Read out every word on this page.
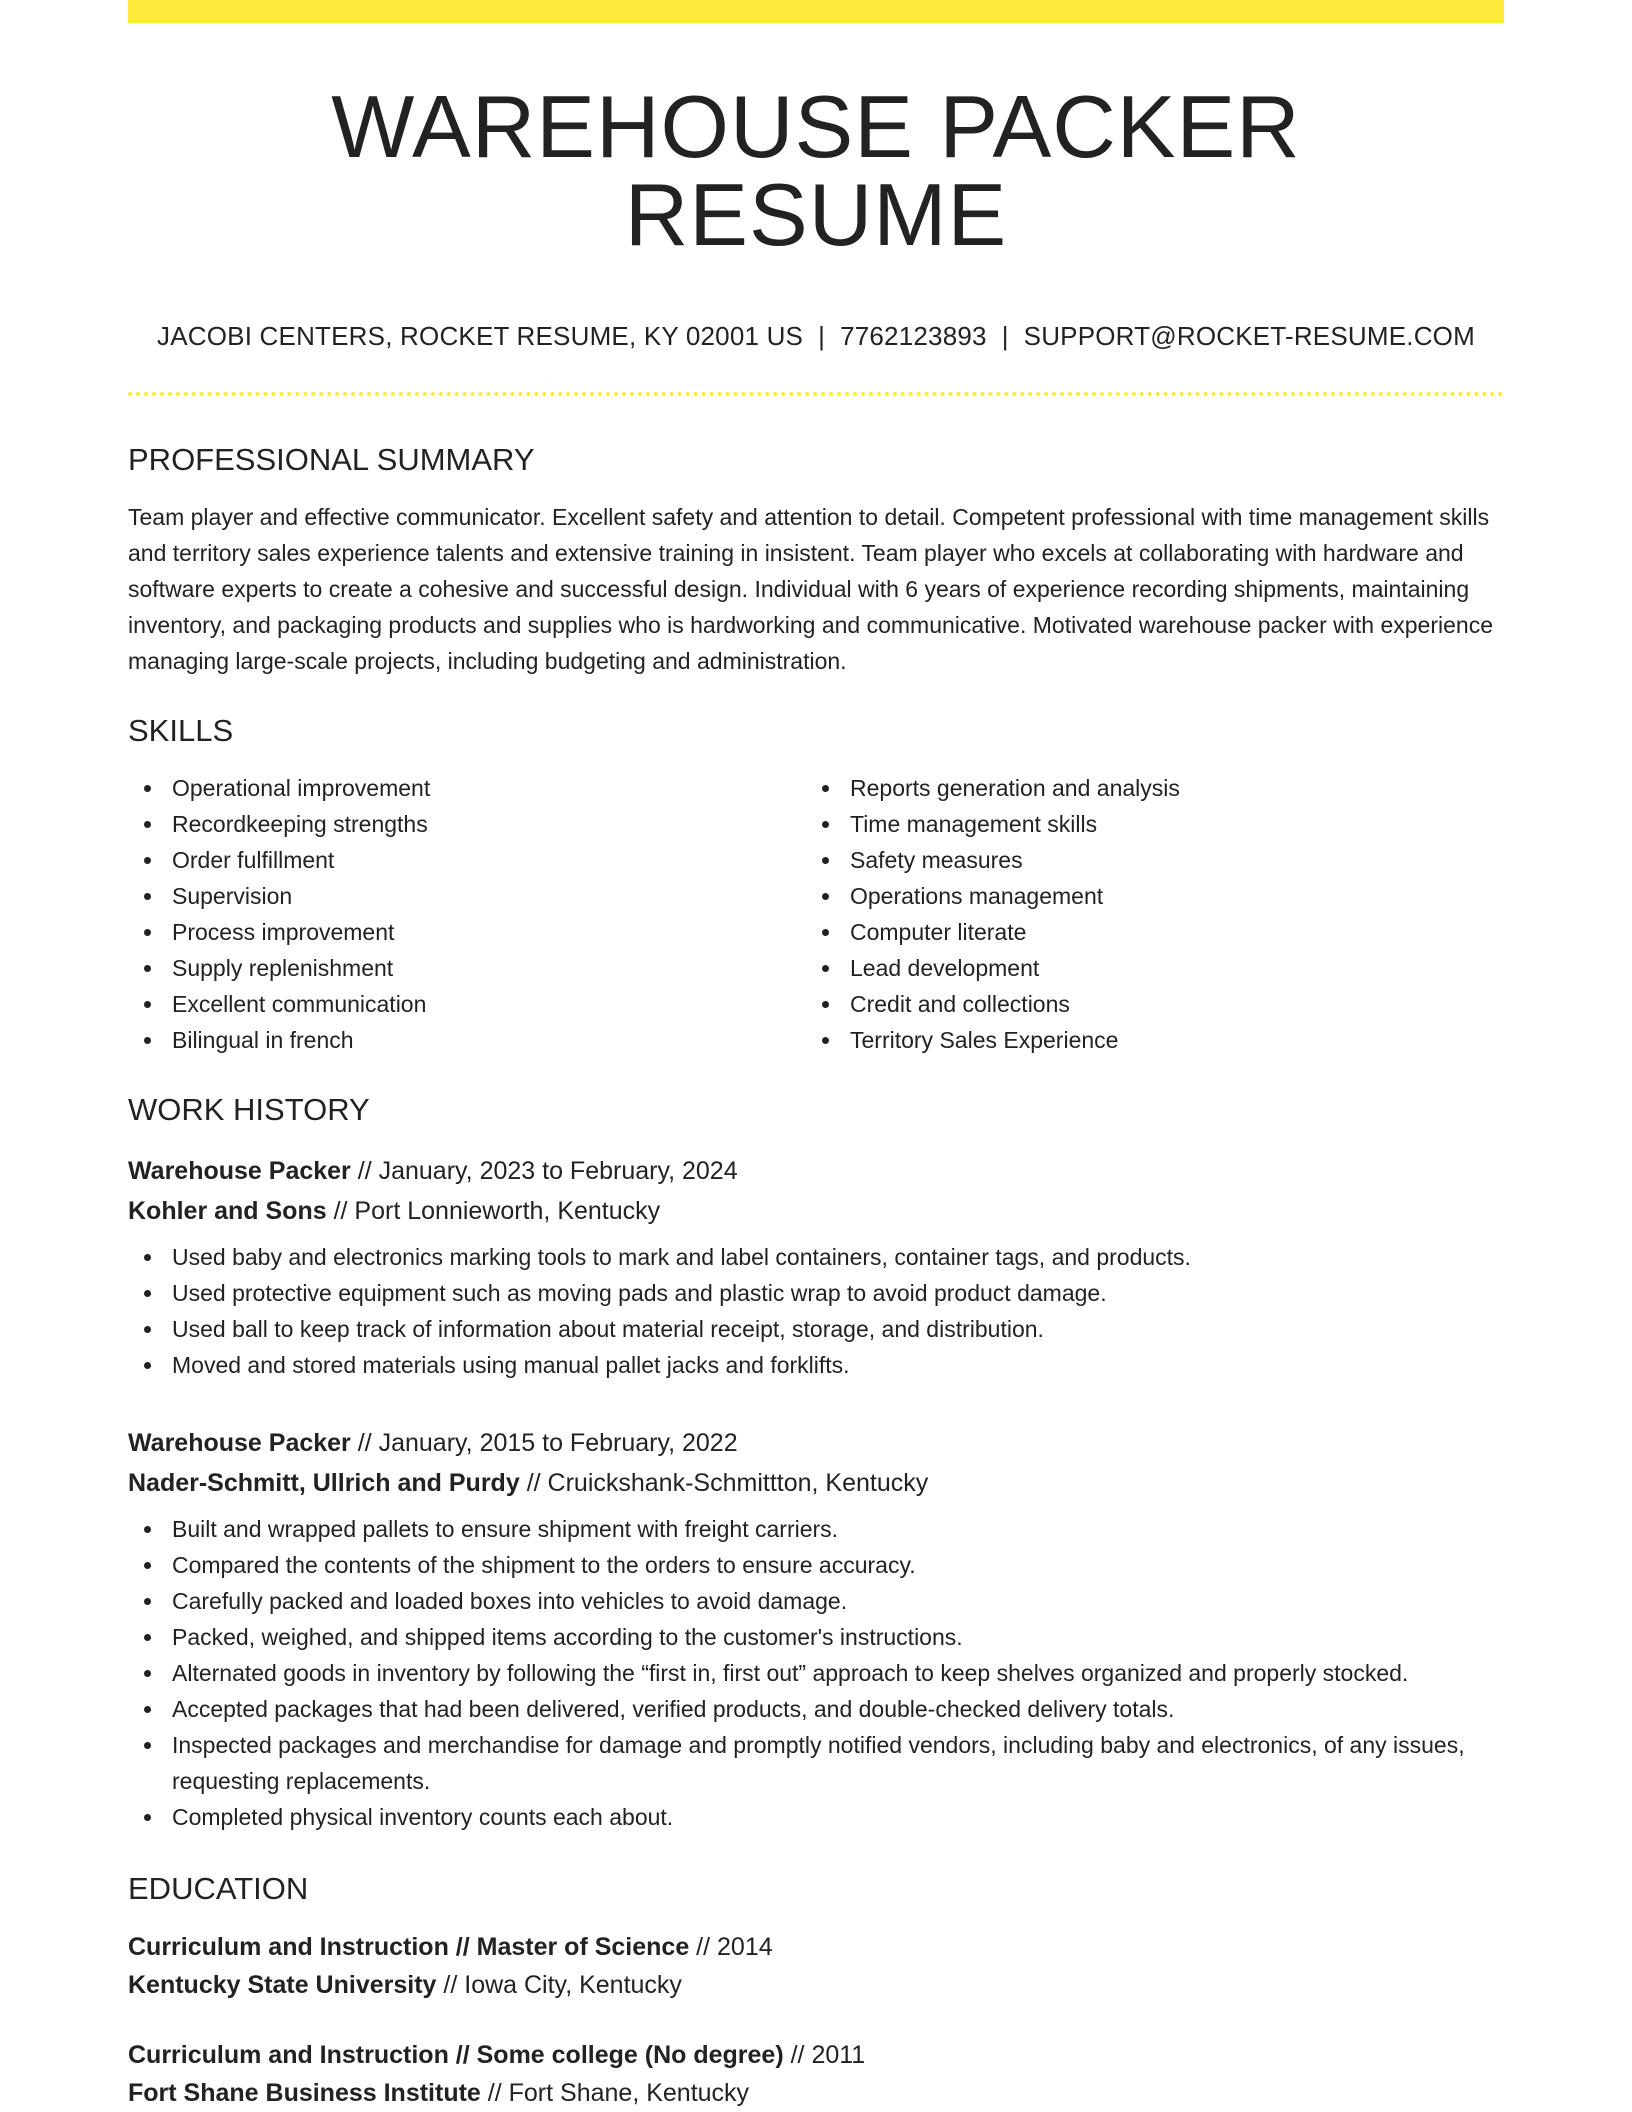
WAREHOUSE PACKER RESUME
JACOBI CENTERS, ROCKET RESUME, KY 02001 US | 7762123893 | SUPPORT@ROCKET-RESUME.COM
PROFESSIONAL SUMMARY

Team player and effective communicator. Excellent safety and attention to detail. Competent professional with time management skills and territory sales experience talents and extensive training in insistent. Team player who excels at collaborating with hardware and software experts to create a cohesive and successful design. Individual with 6 years of experience recording shipments, maintaining inventory, and packaging products and supplies who is hardworking and communicative. Motivated warehouse packer with experience managing large-scale projects, including budgeting and administration.

SKILLS
Operational improvement
Recordkeeping strengths
Order fulfillment
Supervision
Process improvement
Supply replenishment
Excellent communication
Bilingual in french
Reports generation and analysis
Time management skills
Safety measures
Operations management
Computer literate
Lead development
Credit and collections
Territory Sales Experience
WORK HISTORY
Warehouse Packer // January, 2023 to February, 2024
Kohler and Sons // Port Lonnieworth, Kentucky
Used baby and electronics marking tools to mark and label containers, container tags, and products.
Used protective equipment such as moving pads and plastic wrap to avoid product damage.
Used ball to keep track of information about material receipt, storage, and distribution.
Moved and stored materials using manual pallet jacks and forklifts.
Warehouse Packer // January, 2015 to February, 2022
Nader-Schmitt, Ullrich and Purdy // Cruickshank-Schmittton, Kentucky
Built and wrapped pallets to ensure shipment with freight carriers.
Compared the contents of the shipment to the orders to ensure accuracy.
Carefully packed and loaded boxes into vehicles to avoid damage.
Packed, weighed, and shipped items according to the customer's instructions.
Alternated goods in inventory by following the “first in, first out” approach to keep shelves organized and properly stocked.
Accepted packages that had been delivered, verified products, and double-checked delivery totals.
Inspected packages and merchandise for damage and promptly notified vendors, including baby and electronics, of any issues, requesting replacements.
Completed physical inventory counts each about.
EDUCATION
Curriculum and Instruction // Master of Science // 2014
Kentucky State University // Iowa City, Kentucky
Curriculum and Instruction // Some college (No degree) // 2011
Fort Shane Business Institute // Fort Shane, Kentucky
